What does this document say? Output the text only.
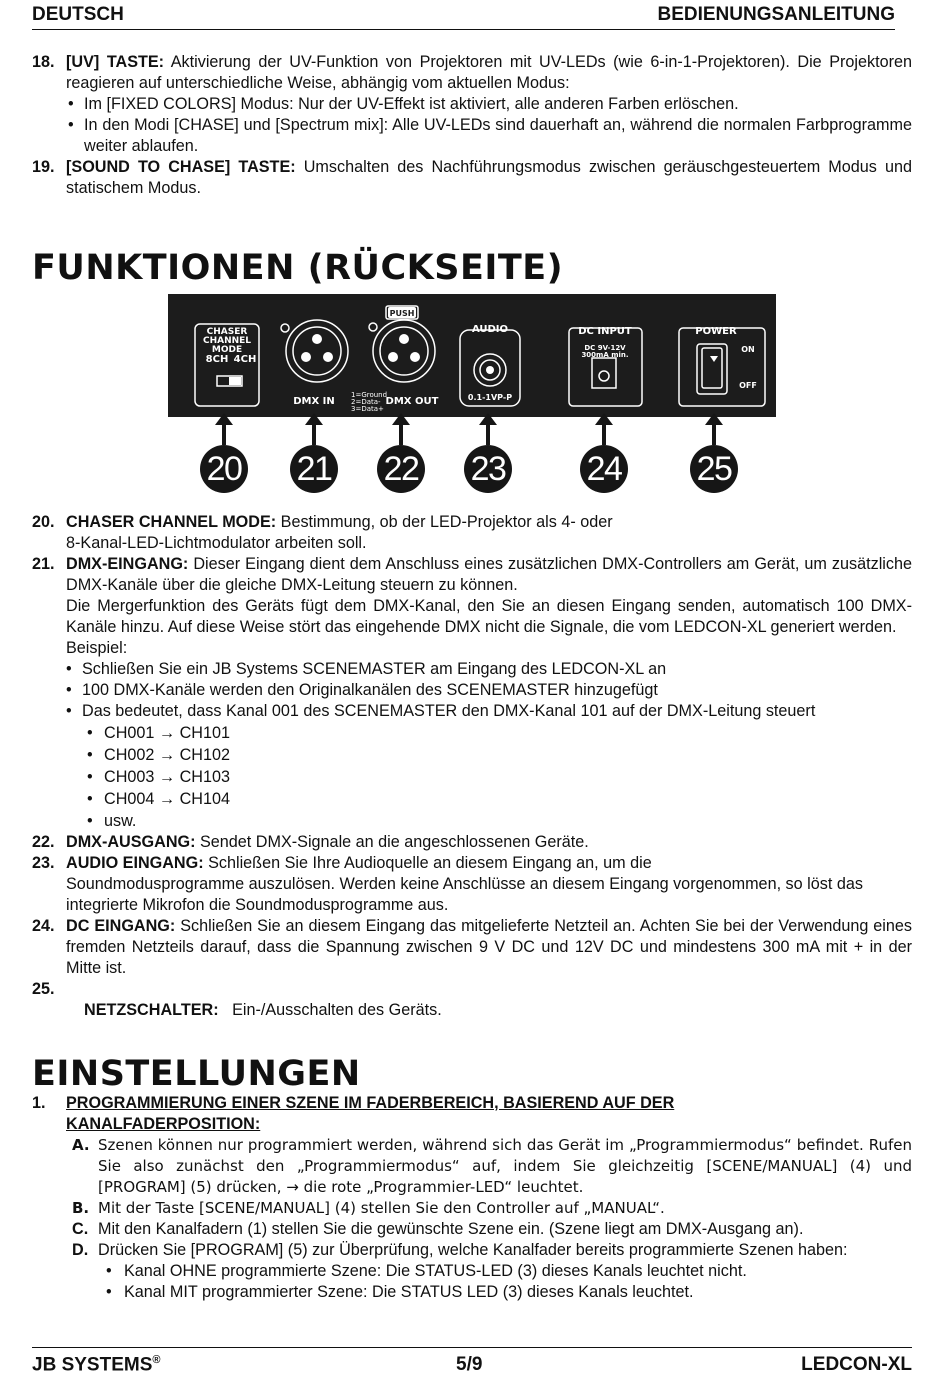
DEUTSCH	BEDIENUNGSANLEITUNG
18. [UV] TASTE: Aktivierung der UV-Funktion von Projektoren mit UV-LEDs (wie 6-in-1-Projektoren). Die Projektoren reagieren auf unterschiedliche Weise, abhängig vom aktuellen Modus:
• Im [FIXED COLORS] Modus: Nur der UV-Effekt ist aktiviert, alle anderen Farben erlöschen.
• In den Modi [CHASE] und [Spectrum mix]: Alle UV-LEDs sind dauerhaft an, während die normalen Farbprogramme weiter ablaufen.
19. [SOUND TO CHASE] TASTE: Umschalten des Nachführungsmodus zwischen geräuschgesteuertem Modus und statischem Modus.
FUNKTIONEN (RÜCKSEITE)
CHASER
CHANNEL
MODE
8CH 4CH
DMX IN	DMX OUT
PUSH
AUDIO
0.1-1VP-P
DC INPUT
DC 9V-12V
300mA min.
POWER
ON
OFF
1=Ground
2=Data-
3=Data+
20 21 22 23 24 25
20. CHASER CHANNEL MODE: Bestimmung, ob der LED-Projektor als 4- oder
8-Kanal-LED-Lichtmodulator arbeiten soll.
21. DMX-EINGANG: Dieser Eingang dient dem Anschluss eines zusätzlichen DMX-Controllers am Gerät, um zusätzliche DMX-Kanäle über die gleiche DMX-Leitung steuern zu können.
Die Mergerfunktion des Geräts fügt dem DMX-Kanal, den Sie an diesen Eingang senden, automatisch 100 DMX-Kanäle hinzu. Auf diese Weise stört das eingehende DMX nicht die Signale, die vom LEDCON-XL generiert werden.
Beispiel:
• Schließen Sie ein JB Systems SCENEMASTER am Eingang des LEDCON-XL an
• 100 DMX-Kanäle werden den Originalkanälen des SCENEMASTER hinzugefügt
• Das bedeutet, dass Kanal 001 des SCENEMASTER den DMX-Kanal 101 auf der DMX-Leitung steuert
• CH001 → CH101
• CH002 → CH102
• CH003 → CH103
• CH004 → CH104
• usw.
22. DMX-AUSGANG: Sendet DMX-Signale an die angeschlossenen Geräte.
23. AUDIO EINGANG: Schließen Sie Ihre Audioquelle an diesem Eingang an, um die
Soundmodusprogramme auszulösen. Werden keine Anschlüsse an diesem Eingang vorgenommen, so löst das integrierte Mikrofon die Soundmodusprogramme aus.
24. DC EINGANG: Schließen Sie an diesem Eingang das mitgelieferte Netzteil an. Achten Sie bei der Verwendung eines fremden Netzteils darauf, dass die Spannung zwischen 9 V DC und 12V DC und mindestens 300 mA mit + in der Mitte ist.

25.
NETZSCHALTER:   Ein-/Ausschalten des Geräts.

EINSTELLUNGEN
1. PROGRAMMIERUNG EINER SZENE IM FADERBEREICH, BASIEREND AUF DER
KANALFADERPOSITION:
A. Szenen können nur programmiert werden, während sich das Gerät im „Programmiermodus“ befindet. Rufen Sie also zunächst den „Programmiermodus“ auf, indem Sie gleichzeitig [SCENE/MANUAL] (4) und [PROGRAM] (5) drücken, → die rote „Programmier-LED“ leuchtet.
B. Mit der Taste [SCENE/MANUAL] (4) stellen Sie den Controller auf „MANUAL“.
C. Mit den Kanalfadern (1) stellen Sie die gewünschte Szene ein. (Szene liegt am DMX-Ausgang an).
D. Drücken Sie [PROGRAM] (5) zur Überprüfung, welche Kanalfader bereits programmierte Szenen haben:
• Kanal OHNE programmierte Szene: Die STATUS-LED (3) dieses Kanals leuchtet nicht.
• Kanal MIT programmierter Szene: Die STATUS LED (3) dieses Kanals leuchtet.
JB SYSTEMS®	5/9	LEDCON-XL
